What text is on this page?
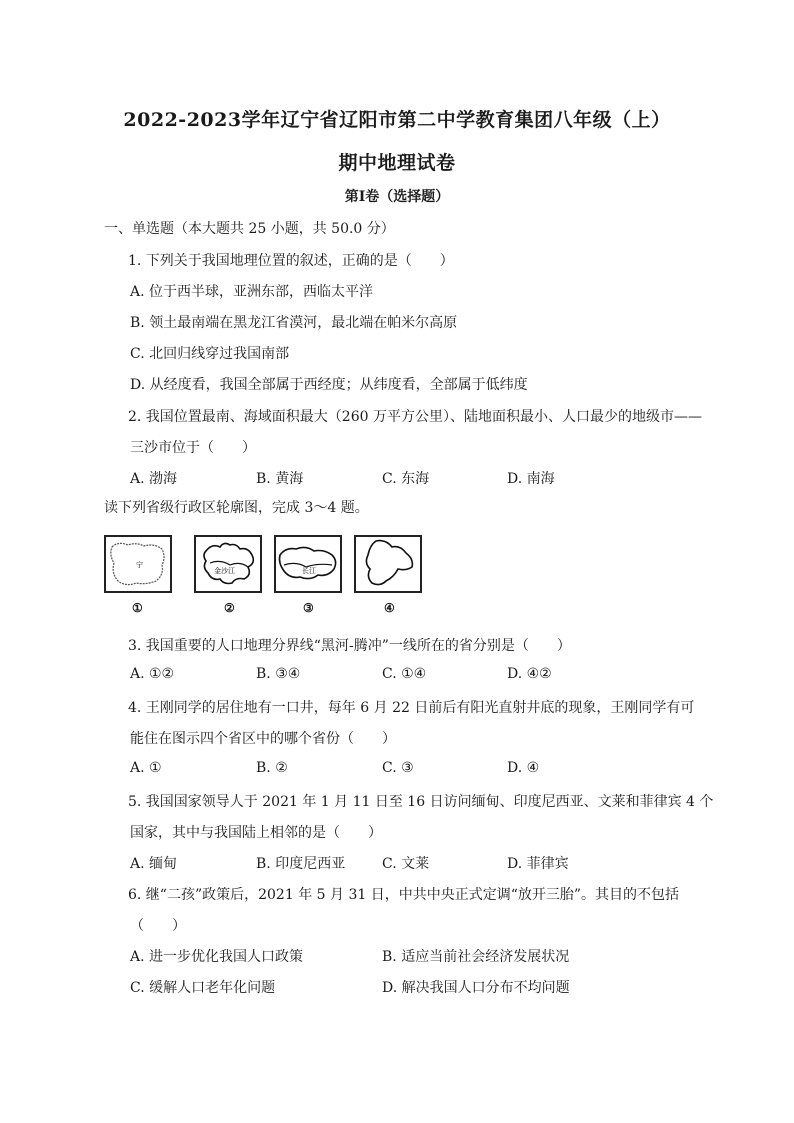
2022-2023学年辽宁省辽阳市第二中学教育集团八年级（上）
期中地理试卷
第Ⅰ卷（选择题）
一、单选题（本大题共 25 小题，共 50.0 分）
1. 下列关于我国地理位置的叙述，正确的是（　　）
A. 位于西半球，亚洲东部，西临太平洋
B. 领土最南端在黑龙江省漠河，最北端在帕米尔高原
C. 北回归线穿过我国南部
D. 从经度看，我国全部属于西经度；从纬度看，全部属于低纬度
2. 我国位置最南、海域面积最大（260 万平方公里）、陆地面积最小、人口最少的地级市——
三沙市位于（　　）
A. 渤海	B. 黄海	C. 东海	D. 南海
读下列省级行政区轮廓图，完成 3～4 题。
宁
金沙江	长江
①	②	③	④
3. 我国重要的人口地理分界线“黑河-腾冲”一线所在的省分别是（　　）
A. ①②	B. ③④	C. ①④	D. ④②
4. 王刚同学的居住地有一口井，每年 6 月 22 日前后有阳光直射井底的现象，王刚同学有可
能住在图示四个省区中的哪个省份（　　）
A. ①	B. ②	C. ③	D. ④
5. 我国国家领导人于 2021 年 1 月 11 日至 16 日访问缅甸、印度尼西亚、文莱和菲律宾 4 个
国家，其中与我国陆上相邻的是（　　）
A. 缅甸	B. 印度尼西亚	C. 文莱	D. 菲律宾
6. 继“二孩”政策后，2021 年 5 月 31 日，中共中央正式定调“放开三胎”。其目的不包括
（　　）
A. 进一步优化我国人口政策	B. 适应当前社会经济发展状况
C. 缓解人口老年化问题	D. 解决我国人口分布不均问题
